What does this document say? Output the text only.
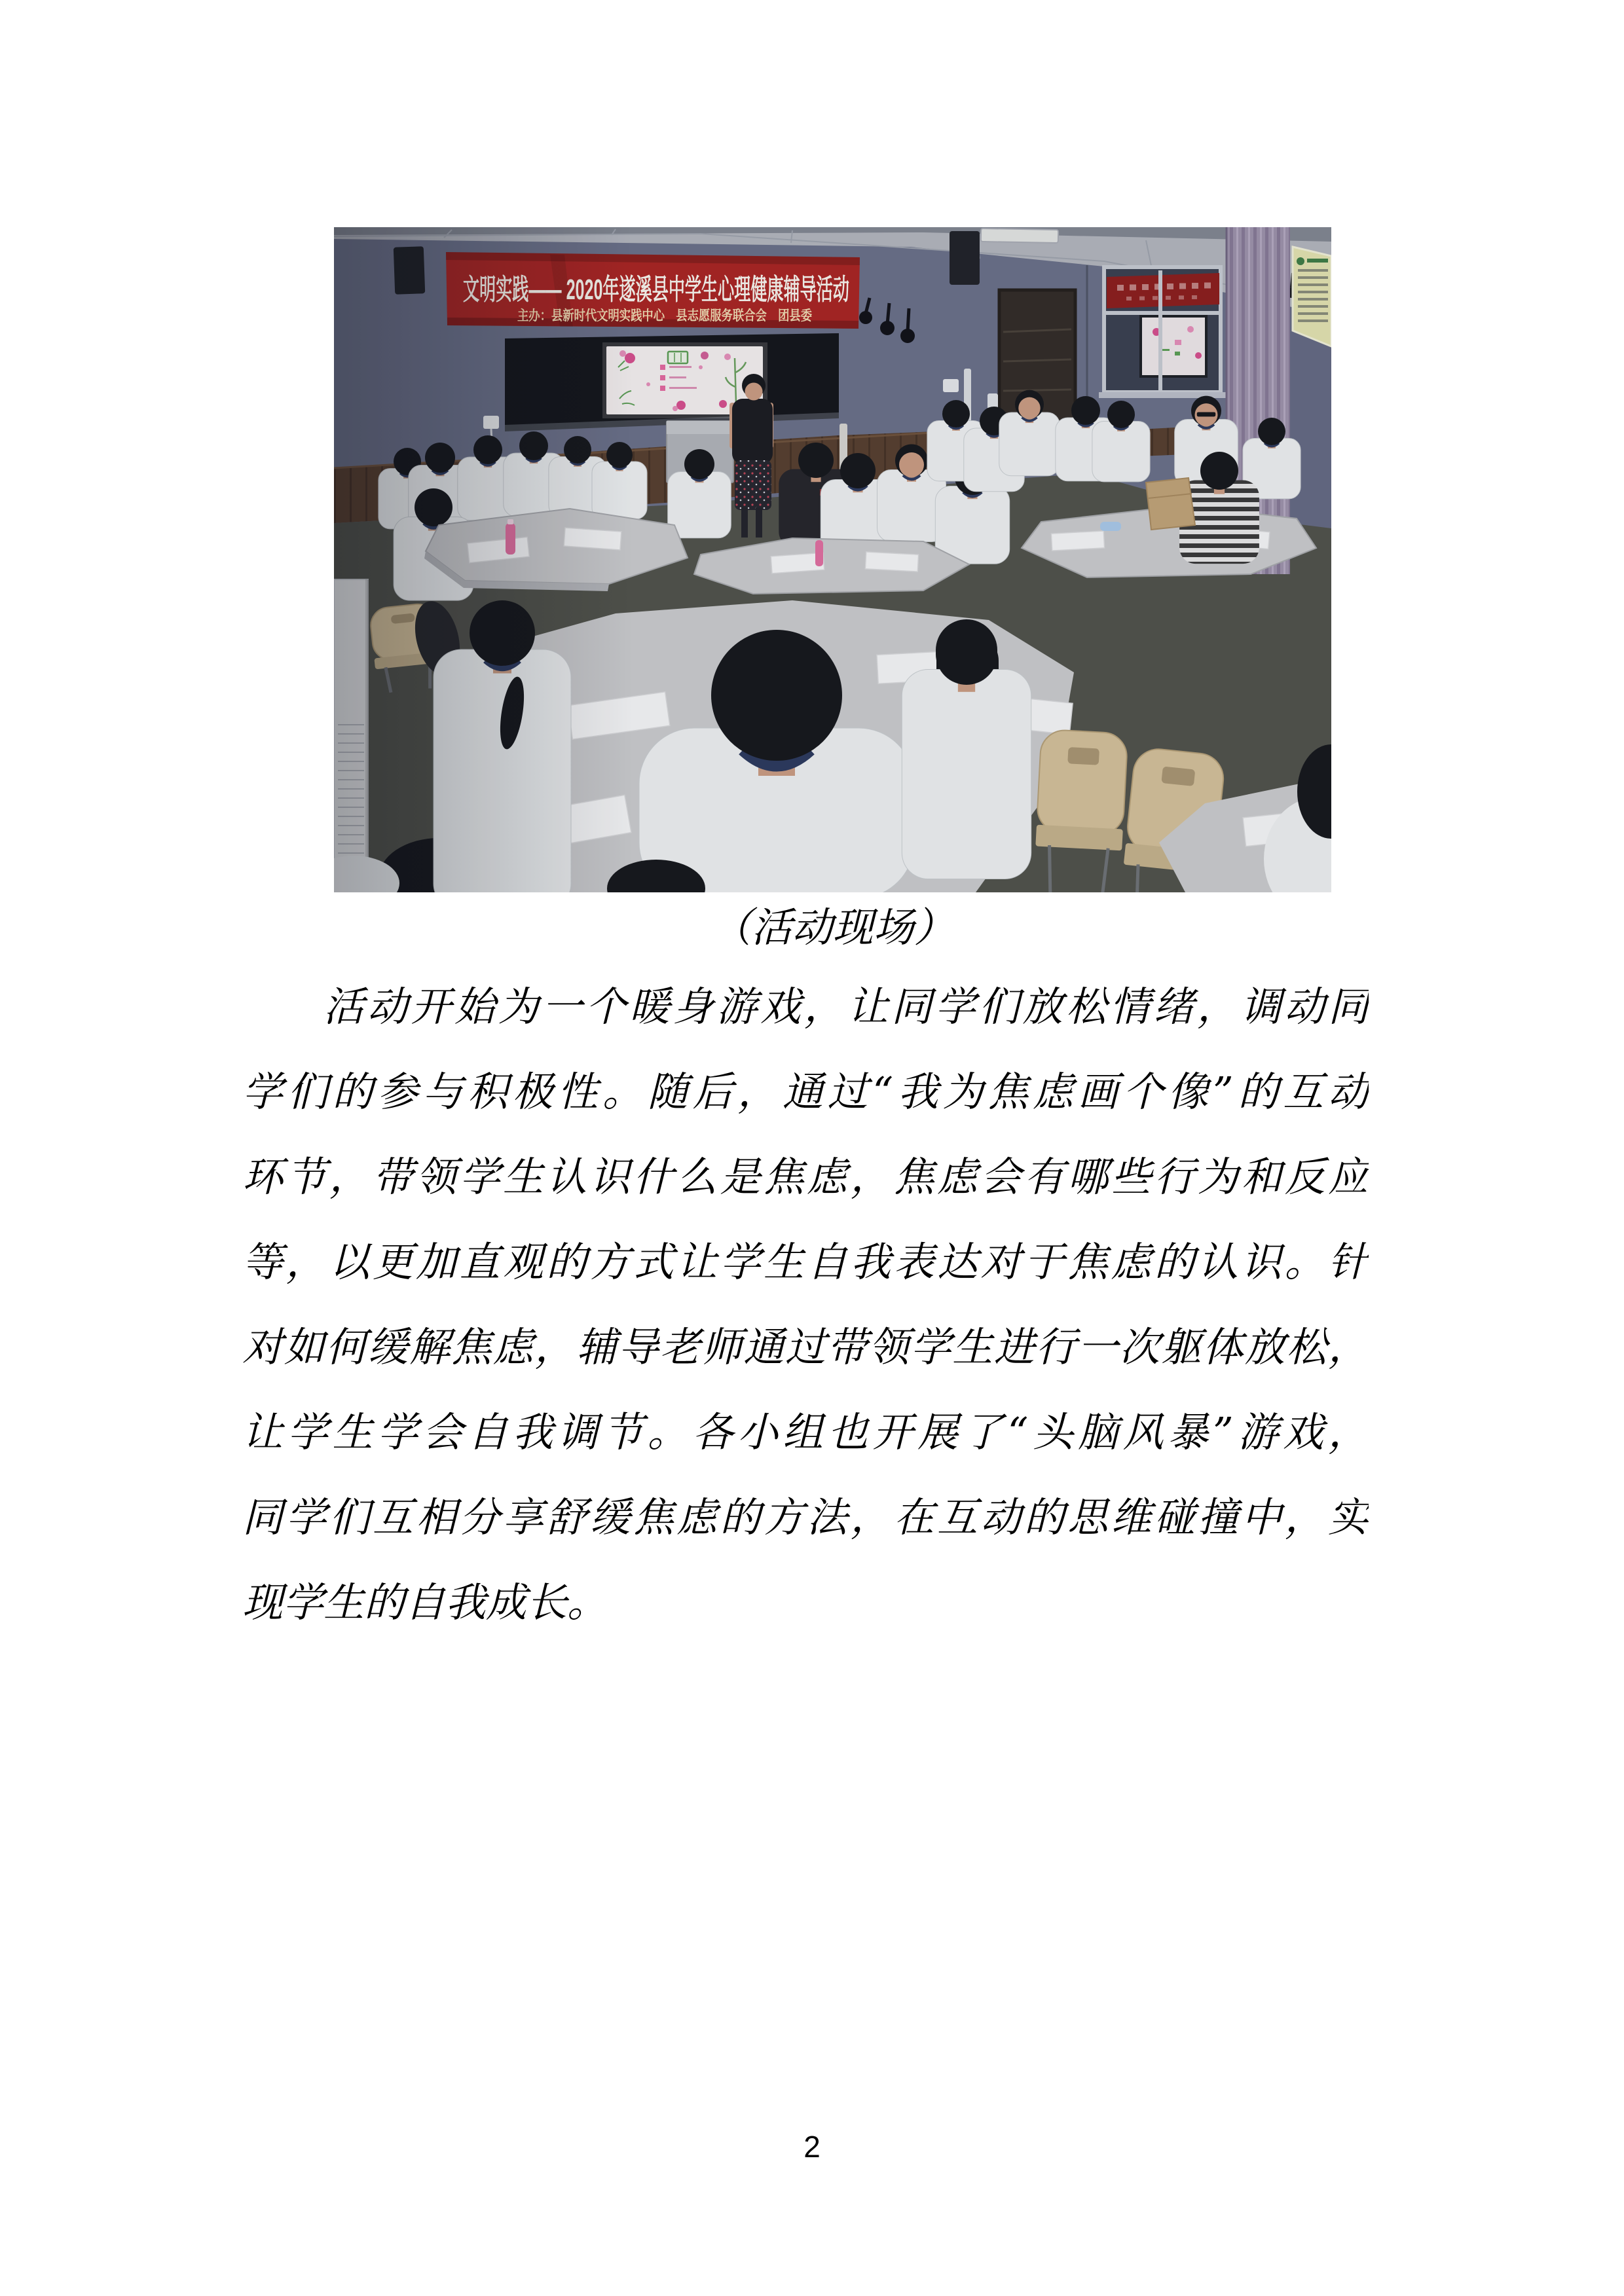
（活动现场）
活动开始为一个暖身游戏，让同学们放松情绪，调动同
学们的参与积极性。随后，通过“我为焦虑画个像”的互动
环节，带领学生认识什么是焦虑，焦虑会有哪些行为和反应
等，以更加直观的方式让学生自我表达对于焦虑的认识。针
对如何缓解焦虑，辅导老师通过带领学生进行一次躯体放松，
让学生学会自我调节。各小组也开展了“头脑风暴”游戏，
同学们互相分享舒缓焦虑的方法，在互动的思维碰撞中，实
现学生的自我成长。
2
